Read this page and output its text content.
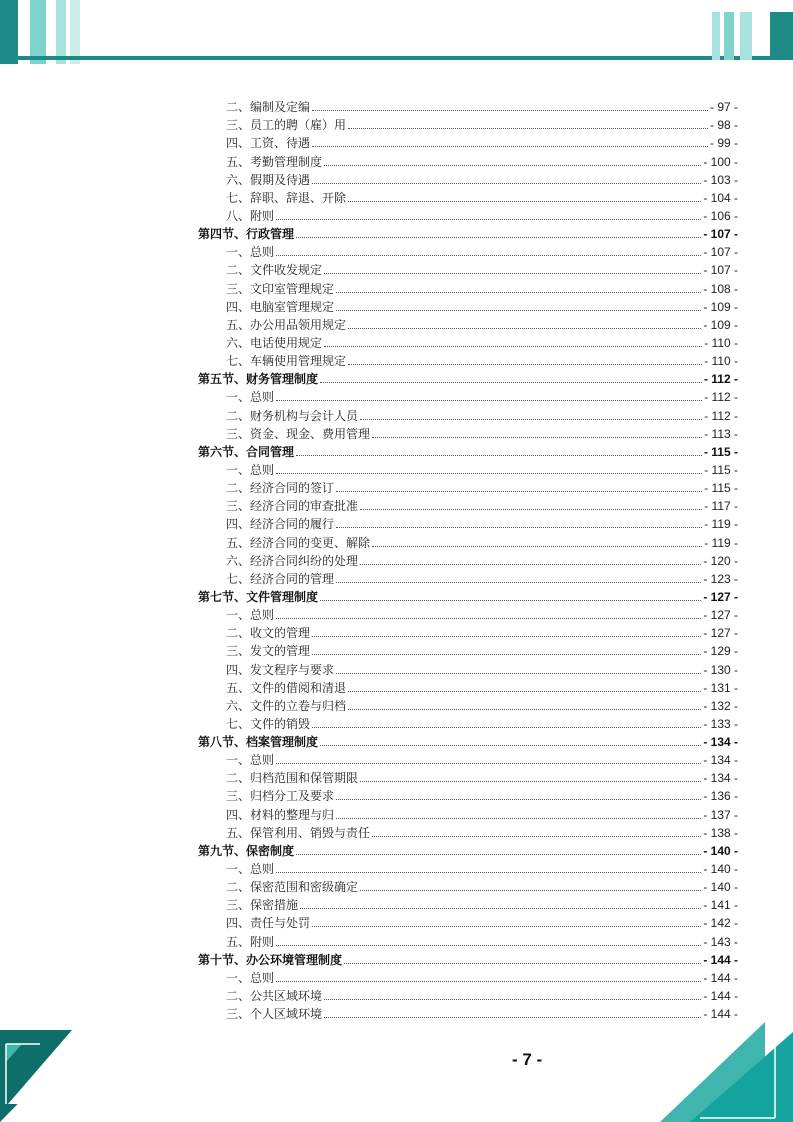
二、编制及定编	- 97 -
三、员工的聘（雇）用	- 98 -
四、工资、待遇	- 99 -
五、考勤管理制度	- 100 -
六、假期及待遇	- 103 -
七、辞职、辞退、开除	- 104 -
八、附则	- 106 -
第四节、行政管理	- 107 -
一、总则	- 107 -
二、文件收发规定	- 107 -
三、文印室管理规定	- 108 -
四、电脑室管理规定	- 109 -
五、办公用品领用规定	- 109 -
六、电话使用规定	- 110 -
七、车辆使用管理规定	- 110 -
第五节、财务管理制度	- 112 -
一、总则	- 112 -
二、财务机构与会计人员	- 112 -
三、资金、现金、费用管理	- 113 -
第六节、合同管理	- 115 -
一、总则	- 115 -
二、经济合同的签订	- 115 -
三、经济合同的审查批准	- 117 -
四、经济合同的履行	- 119 -
五、经济合同的变更、解除	- 119 -
六、经济合同纠纷的处理	- 120 -
七、经济合同的管理	- 123 -
第七节、文件管理制度	- 127 -
一、总则	- 127 -
二、收文的管理	- 127 -
三、发文的管理	- 129 -
四、发文程序与要求	- 130 -
五、文件的借阅和清退	- 131 -
六、文件的立卷与归档	- 132 -
七、文件的销毁	- 133 -
第八节、档案管理制度	- 134 -
一、总则	- 134 -
二、归档范围和保管期限	- 134 -
三、归档分工及要求	- 136 -
四、材料的整理与归	- 137 -
五、保管利用、销毁与责任	- 138 -
第九节、保密制度	- 140 -
一、总则	- 140 -
二、保密范围和密级确定	- 140 -
三、保密措施	- 141 -
四、责任与处罚	- 142 -
五、附则	- 143 -
第十节、办公环境管理制度	- 144 -
一、总则	- 144 -
二、公共区域环境	- 144 -
三、个人区域环境	- 144 -
- 7 -
